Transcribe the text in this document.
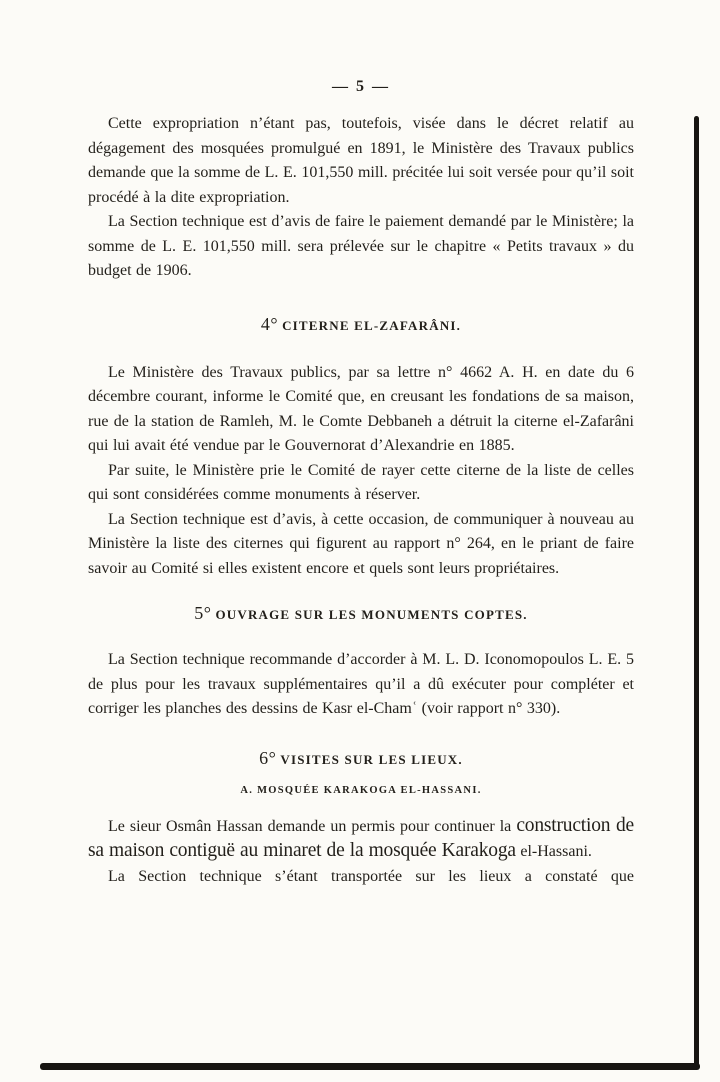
— 5 —

Cette expropriation n’étant pas, toutefois, visée dans le décret relatif au dégagement des mosquées promulgué en 1891, le Ministère des Travaux publics demande que la somme de L. E. 101,550 mill. précitée lui soit versée pour qu’il soit procédé à la dite expropriation.

La Section technique est d’avis de faire le paiement demandé par le Ministère; la somme de L. E. 101,550 mill. sera prélevée sur le chapitre « Petits travaux » du budget de 1906.

4° CITERNE EL-ZAFARÂNI.

Le Ministère des Travaux publics, par sa lettre n° 4662 A. H. en date du 6 décembre courant, informe le Comité que, en creusant les fondations de sa maison, rue de la station de Ramleh, M. le Comte Debbaneh a détruit la citerne el-Zafarâni qui lui avait été vendue par le Gouvernorat d’Alexandrie en 1885.

Par suite, le Ministère prie le Comité de rayer cette citerne de la liste de celles qui sont considérées comme monuments à réserver.

La Section technique est d’avis, à cette occasion, de communiquer à nouveau au Ministère la liste des citernes qui figurent au rapport n° 264, en le priant de faire savoir au Comité si elles existent encore et quels sont leurs propriétaires.

5° OUVRAGE SUR LES MONUMENTS COPTES.

La Section technique recommande d’accorder à M. L. D. Iconomopoulos L. E. 5 de plus pour les travaux supplémentaires qu’il a dû exécuter pour compléter et corriger les planches des dessins de Kasr el-Chamʿ (voir rapport n° 330).

6° VISITES SUR LES LIEUX.
A. MOSQUÉE KARAKOGA EL-HASSANI.

Le sieur Osmân Hassan demande un permis pour continuer la construction de sa maison contiguë au minaret de la mosquée Karakoga el-Hassani.

La Section technique s’étant transportée sur les lieux a constaté que
